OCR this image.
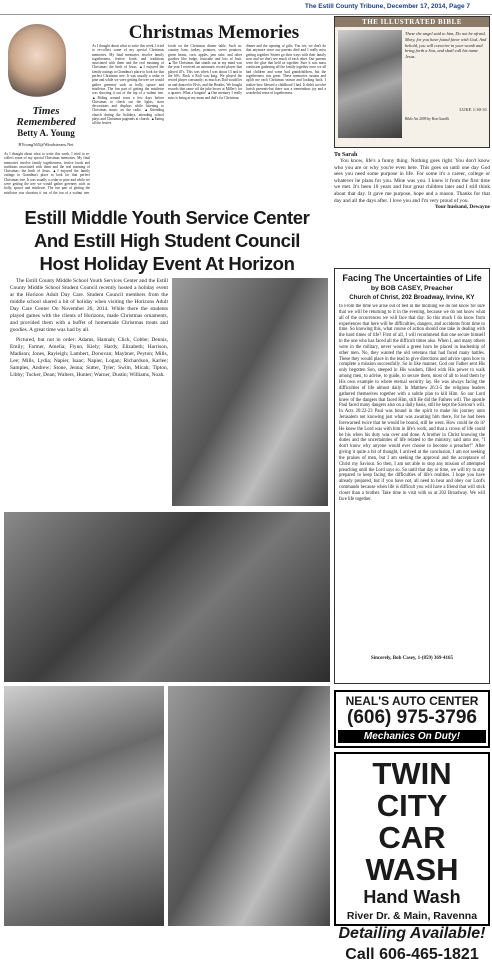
The Estill County Tribune, December 17, 2014, Page 7
Christmas Memories
Times
Remembered
Betty A. Young
BYoung565@Windstream.Net
As I thought about what to write this week, I tried to re-collect some of my special Christmas memories. My final memories involve family togetherness, festive foods and traditions associated with them and the real meaning of Christmas: the birth of Jesus. ▲I enjoyed the family outings to Grandma's place to look for that perfect Christmas tree. It was usually a cedar or pine and while we were getting the tree we would gather greenery such as holly, spruce and mistletoe. The fun part of getting the mistletoe was shooting it out of the top of a walnut tree.
As I thought about what to write this week, I tried to re-collect some of my special Christmas memories. My final memories involve family togetherness, festive foods and traditions associated with them and the real meaning of Christmas: the birth of Jesus. ▲I enjoyed the family outings to Grandma's place to look for that perfect Christmas tree. It was usually a cedar or pine and while we were getting the tree we would gather greenery such as holly, spruce and mistletoe. The fun part of getting the mistletoe was shooting it out of the top of a walnut tree. ▲Riding around town a few days before Christmas to check out the lights, store decorations and displays while listening to Christmas music on the radio. ▲Attending church during the holidays, attending school plays and Christmas pageants at church. ▲Eating all the festive
foods on the Christmas dinner table. Such as: country ham, turkey, potatoes, sweet potatoes, green beans, corn, apples, jam cake, and other goodies like fudge, fruitcake and lots of fruit. ▲The Christmas that stands out in my mind was the year I received an automatic record player that played 45's. This was when I was about 13 and in the 60's. Rock n Roll was king. We played the record player constantly; as much as Dad would let us and danced to Elvis, and the Beatles. We bought records that came off the juke boxes at Miller's for a quarter. What a bargain! ▲One memory I really miss is being at my mom and dad's for Christmas
dinner and the opening of gifts. You see, we don't do that anymore since our parents died and I really miss getting together. Sisters go their ways with their family now and we don't see much of each other. Our parents were the glue that held us together. Sure it was mass confusion gathering all the family together once we all had children and some had grandchildren, but the togetherness was great. These memories sustain and uplift me each Christmas season and looking back. I realize how blessed a childhood I had. It didn't involve lavish presents-but there was a tremendous joy and a wonderful sense of togetherness.
THE ILLUSTRATED BIBLE
These the angel said to him, Do not be afraid, Mary, for you have found favor with God. And behold, you will conceive in your womb and bring forth a Son, and shall call his name Jesus.
LUKE 1:30-31
Bible Art 2009 by Ron Guzelli
To Sarah
You know, life's a funny thing. Nothing goes right. You don't know who you are or why you're even here. This goes on until one day God sees you need some purpose in life. For some it's a career, college or whatever he plans for you. Mine was you. I knew it from the first time we met. It's been 10 years and four great children later and I still think about that day. It gave me purpose, hope and a reason. Thanks for that day and all the days after. I love you and I'm very proud of you.
Your husband, Dewayne
Estill Middle Youth Service Center
And Estill High Student Council
Host Holiday Event At Horizon

The Estill County Middle School Youth Services Center and the Estill County Middle School Student Council recently hosted a holiday event at the Horizon Adult Day Care. Student Council members from the middle school shared a bit of holiday when visiting the Horizons Adult Day Care Center On November 26, 2014. While there the students played games with the clients of Horizons, made Christmas ornaments, and provided them with a buffet of homemade Christmas treats and goodies. A great time was had by all.

Pictured, but not in order: Adams, Hannah; Click, Cobbe; Dennis, Emily; Farmer, Amelia; Flynn, Kiely; Hardy, Elizabeth; Harrison, Madison; Jones, Rayleigh; Lambert, Donovan; Maybner, Peyton; Mills, Lee; Mills, Lydia; Napier, Isaac; Napier, Logan; Richardson, Karlee; Samples, Andrew; Stone, Jenna; Sutter, Tyler; Swim, Micah; Tipton, Libby; Tucker, Dean; Walters, Hunter; Warner, Dustin; Williams, Noah.

Facing The Uncertainties of Life
by BOB CASEY, Preacher
Church of Christ, 202 Broadway, Irvine, KY
In From the time we arise out of bed in the morning we do not know for sure that we will be returning to it in the evening, because we do not know what all of the occurrences we will face that day. So this much I do know from experiences that here will be difficulties, dangers, and accidents from time to time. So knowing this, what course of action should one take in dealing with the hard times of life? First of all, I will recommend that one secure himself in the one who has faced all the difficult times also. When I, and many others were in the military, never would a green horn be placed in leadership of other men. No, they wanted the old veterans that had faced many battles. These they would place in the lead to give directions and advice upon how to complete a mission successfully. So in like manner, God our Father sent His only begotten Son, steeped in His wisdom, filled with His power to walk among men, to advise, to guide, to secure them, most of all to lead them by His own example to where eternal security lay. He was always facing the difficulties of life almost daily. In Matthew 26:3-5 the religious leaders gathered themselves together with a subtle plan to kill Him. So our Lord knew of the dangers that faced Him, still He did the Fathers will. The apostle Paul faced many dangers also on a daily basis, still he kept the Saviour's will. In Acts 20:22-23 Paul was bound in the spirit to make his journey unto Jerusalem not knowing just what was awaiting him there, for he had been forewarned twice that he would be bound, still he went. How could he do it? He knew the Lord was with him in life's work, and that a crown of life could be his when his duty was over and done. A brother in Christ knowing the duties and the uncertainties of life related to the ministry, said unto me, "I don't know why anyone would ever choose to become a preacher!" After giving it quite a bit of thought, I arrived at the conclusion, I am not seeking the praises of men, but I am seeking the approval and the acceptance of Christ my Saviour. So then, I am not able to stop any mission of attempted preaching until the Lord says so. So until that day or time, we will try to stay prepared to keep facing the difficulties of life's realities. I hope you have already prepared, but if you have not, all need to hear and obey our Lord's commands because when life is difficult you will have a friend that will stick closer than a brother. Take time to visit with us at 202 Broadway. We will face life together.
Sincerely, Bob Casey, 1-(859) 369-4165
NEAL'S AUTO CENTER
(606) 975-3796
Mechanics On Duty!
TWIN CITY
CAR WASH
Hand Wash
River Dr. & Main, Ravenna
Detailing Available!
Call 606-465-1821
